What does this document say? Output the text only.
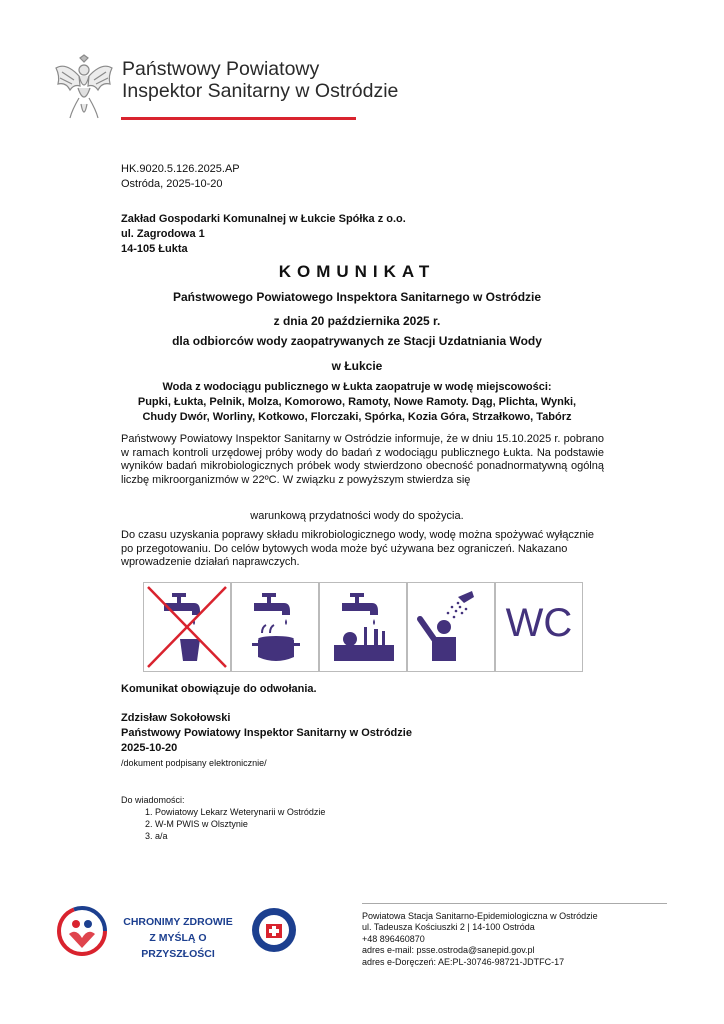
Państwowy Powiatowy
Inspektor Sanitarny w Ostródzie
HK.9020.5.126.2025.AP
Ostróda, 2025-10-20
Zakład Gospodarki Komunalnej w Łukcie Spółka z o.o.
ul. Zagrodowa 1
14-105 Łukta
KOMUNIKAT
Państwowego Powiatowego Inspektora Sanitarnego w Ostródzie
z dnia 20 października 2025 r.
dla odbiorców wody zaopatrywanych ze Stacji Uzdatniania Wody
w Łukcie
Woda z wodociągu publicznego w Łukta zaopatruje w wodę miejscowości:
Pupki, Łukta, Pelnik, Molza, Komorowo, Ramoty, Nowe Ramoty. Dąg, Plichta, Wynki,
Chudy Dwór, Worliny, Kotkowo, Florczaki, Spórka, Kozia Góra, Strzałkowo, Tabórz
Państwowy Powiatowy Inspektor Sanitarny w Ostródzie informuje, że w dniu 15.10.2025 r. pobrano w ramach kontroli urzędowej próby wody do badań z wodociągu publicznego Łukta. Na podstawie wyników badań mikrobiologicznych próbek wody stwierdzono obecność ponadnormatywną ogólną liczbę mikroorganizmów w 22ºC. W związku z powyższym stwierdza się
warunkową przydatności wody do spożycia.
Do czasu uzyskania poprawy składu mikrobiologicznego wody, wodę można spożywać wyłącznie po przegotowaniu. Do celów bytowych woda może być używana bez ograniczeń. Nakazano wprowadzenie działań naprawczych.
WC
Komunikat obowiązuje do odwołania.
Zdzisław Sokołowski
Państwowy Powiatowy Inspektor Sanitarny w Ostródzie
2025-10-20
/dokument podpisany elektronicznie/
Do wiadomości:
1. Powiatowy Lekarz Weterynarii w Ostródzie
2. W-M PWIS w Olsztynie
3. a/a
CHRONIMY ZDROWIE
Z MYŚLĄ O PRZYSZŁOŚCI
Powiatowa Stacja Sanitarno-Epidemiologiczna w Ostródzie
ul. Tadeusza Kościuszki 2 | 14-100 Ostróda
+48 896460870
adres e-mail: psse.ostroda@sanepid.gov.pl
adres e-Doręczeń: AE:PL-30746-98721-JDTFC-17
